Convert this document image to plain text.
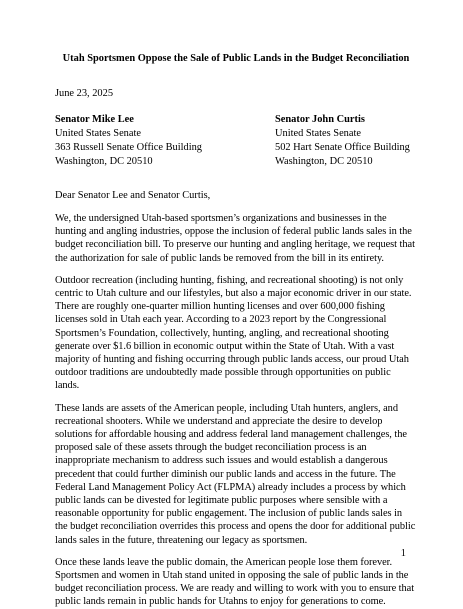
Utah Sportsmen Oppose the Sale of Public Lands in the Budget Reconciliation
June 23, 2025
Senator Mike Lee
United States Senate
363 Russell Senate Office Building
Washington, DC 20510
Senator John Curtis
United States Senate
502 Hart Senate Office Building
Washington, DC 20510
Dear Senator Lee and Senator Curtis,

We, the undersigned Utah-based sportsmen’s organizations and businesses in the hunting and angling industries, oppose the inclusion of federal public lands sales in the budget reconciliation bill. To preserve our hunting and angling heritage, we request that the authorization for sale of public lands be removed from the bill in its entirety.

Outdoor recreation (including hunting, fishing, and recreational shooting) is not only centric to Utah culture and our lifestyles, but also a major economic driver in our state. There are roughly one-quarter million hunting licenses and over 600,000 fishing licenses sold in Utah each year. According to a 2023 report by the Congressional Sportsmen’s Foundation, collectively, hunting, angling, and recreational shooting generate over $1.6 billion in economic output within the State of Utah. With a vast majority of hunting and fishing occurring through public lands access, our proud Utah outdoor traditions are undoubtedly made possible through opportunities on public lands.

These lands are assets of the American people, including Utah hunters, anglers, and recreational shooters. While we understand and appreciate the desire to develop solutions for affordable housing and address federal land management challenges, the proposed sale of these assets through the budget reconciliation process is an inappropriate mechanism to address such issues and would establish a dangerous precedent that could further diminish our public lands and access in the future. The Federal Land Management Policy Act (FLPMA) already includes a process by which public lands can be divested for legitimate public purposes where sensible with a reasonable opportunity for public engagement. The inclusion of public lands sales in the budget reconciliation overrides this process and opens the door for additional public lands sales in the future, threatening our legacy as sportsmen.

Once these lands leave the public domain, the American people lose them forever. Sportsmen and women in Utah stand united in opposing the sale of public lands in the budget reconciliation process. We are ready and willing to work with you to ensure that public lands remain in public hands for Utahns to enjoy for generations to come.

1
